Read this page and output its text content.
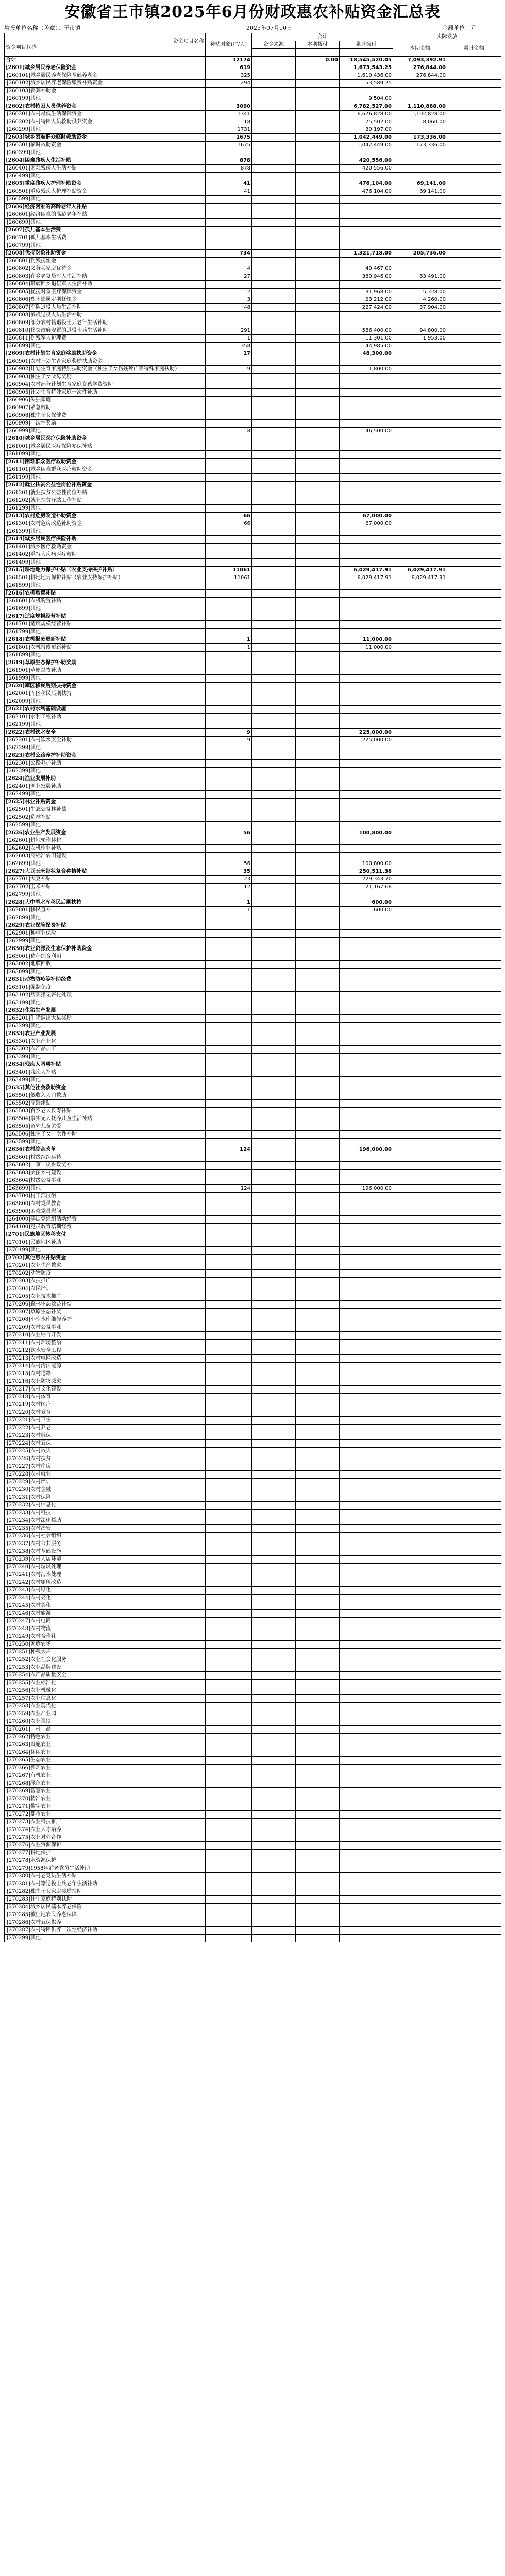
安徽省王市镇2025年6月份财政惠农补贴资金汇总表
填报单位名称（盖章）：王市镇	2025年07月10日	金额单位：元
资金项目名称
资金项目代码	补贴对象(户/人)	合计			实际发放	
		资金来源	本期拨付	累计拨付	本期金额	累计金额

合计	12174		0.00	18,545,520.05	7,093,392.91	
[2601]城乡居民养老保险资金	619			1,673,543.25	276,844.00	
[260101]城乡居民养老保险基础养老金	325			1,610,436.00	276,844.00	
[260102]城乡居民养老保险缴费补贴资金	294			53,589.25		
[260103]丧葬补助金						
[260199]其他				9,504.00		
[2602]农村特困人员供养资金	3090			6,782,527.00	1,110,888.00	
[260201]农村最低生活保障资金	1341			6,676,828.00	1,102,828.00	
[260202]农村特困人员救助供养资金	18			75,502.00	8,060.00	
[260299]其他	1731			30,197.00		
[2603]城乡困难群众临时救助资金	1675			1,042,449.00	173,336.00	
[260301]临时救助资金	1675			1,042,449.00	173,336.00	
[260399]其他						
[2604]困难残疾人生活补贴	878			420,556.00		
[260401]困难残疾人生活补贴	878			420,556.00		
[260499]其他						
[2605]重度残疾人护理补贴资金	41			476,104.00	69,141.00	
[260501]重度残疾人护理补贴资金	41			476,104.00	69,141.00	
[260599]其他						
[2606]经济困难的高龄老年人补贴						
[260601]经济困难的高龄老年补贴						
[260699]其他						
[2607]孤儿基本生活费						
[260701]孤儿基本生活费						
[260799]其他						
[2608]优抚对象补助资金	734			1,321,718.00	205,736.00	
[260801]伤残抚恤金						
[260802]义务兵家庭优待金	4			40,467.00		
[260803]在乡老复员军人生活补助	27			380,946.00	63,491.00	
[260804]带病回乡退伍军人生活补助						
[260805]优抚对象医疗保障资金	2			31,968.00	5,328.00	
[260806]烈士遗属定期抚恤金	3			23,212.00	4,260.00	
[260807]军队退役人员生活补助	48			227,424.00	37,904.00	
[260808]参战退役人员生活补助						
[260809]部分农村籍退役士兵老年生活补助						
[260810]移交政府安置的退役士兵生活补助	291			586,400.00	94,800.00	
[260811]伤残军人护理费	1			11,301.00	1,953.00	
[260899]其他	358			44,985.00		
[2609]农村计划生育家庭奖励扶助资金	17			48,300.00		
[260901]农村计划生育家庭奖励扶助资金						
[260902]计划生育家庭特别扶助资金（独生子女伤残死亡等特殊家庭扶助）	9			1,800.00		
[260903]独生子女父母奖励						
[260904]农村部分计划生育家庭女孩学费资助						
[260905]计划生育特殊家庭一次性补助						
[260906]失独家庭						
[260907]紧急救助						
[260908]独生子女保健费						
[260909]一次性奖励						
[260999]其他	8			46,500.00		
[2610]城乡居民医疗保险补助资金						
[261001]城乡居民医疗保险参保补贴						
[261099]其他						
[2611]困难群众医疗救助资金						
[261101]城乡困难群众医疗救助资金						
[261199]其他						
[2612]就业扶贫公益性岗位补贴资金						
[261201]就业扶贫公益性岗位补贴						
[261202]就业扶贫驿站工作补贴						
[261299]其他						
[2613]农村危房改造补助资金	66			67,000.00		
[261301]农村危房改造补助资金	66			67,000.00		
[261399]其他						
[2614]城乡居民医疗保险补助						
[261401]城乡医疗救助资金						
[261402]重特大疾病医疗救助						
[261499]其他						
[2615]耕地地力保护补贴（农业支持保护补贴）	11061			6,029,417.91	6,029,417.91	
[261501]耕地地力保护补贴（农业支持保护补贴）	11061			6,029,417.91	6,029,417.91	
[261599]其他						
[2616]农机购置补贴						
[261601]农机购置补贴						
[261699]其他						
[2617]适度规模经营补贴						
[261701]适度规模经营补贴						
[261799]其他						
[2618]农机报废更新补贴	1			11,000.00		
[261801]农机报废更新补贴	1			11,000.00		
[261899]其他						
[2619]草原生态保护补助奖励						
[261901]草原禁牧补助						
[261999]其他						
[2620]库区移民后期扶持资金						
[262001]库区移民后期扶持						
[262099]其他						
[2621]农村水利基础设施						
[262101]水利工程补助						
[262199]其他						
[2622]农村饮水安全	9			225,000.00		
[262201]农村饮水安全补助	9			225,000.00		
[262299]其他						
[2623]农村公路养护补助资金						
[262301]公路养护补助						
[262399]其他						
[2624]渔业发展补助						
[262401]渔业发展补助						
[262499]其他						
[2625]林业补贴资金						
[262501]生态公益林补偿						
[262502]造林补贴						
[262599]其他						
[2626]农业生产发展资金	56			100,800.00		
[262601]耕地轮作休耕						
[262602]农机作业补贴						
[262603]高标准农田建设						
[262699]其他	56			100,800.00		
[2627]大豆玉米带状复合种植补贴	35			250,511.38		
[262701]大豆补贴	23			229,343.70		
[262702]玉米补贴	12			21,167.68		
[262799]其他						
[2628]大中型水库移民后期扶持	1			600.00		
[262801]移民直补	1			600.00		
[262899]其他						
[2629]农业保险保费补贴						
[262901]种植业保险						
[262999]其他						
[2630]农业资源及生态保护补助资金						
[263001]秸秆综合利用						
[263002]地膜回收						
[263099]其他						
[2631]动物防疫等补助经费						
[263101]强制免疫						
[263102]病死猪无害化处理						
[263199]其他						
[2632]生猪生产发展						
[263201]生猪调出大县奖励						
[263299]其他						
[2633]农业产业发展						
[263301]农业产业化						
[263302]农产品加工						
[263399]其他						
[2634]残疾人两项补贴						
[263401]残疾人补贴						
[263499]其他						
[2635]其他社会救助资金						
[263501]低收入人口救助						
[263502]高龄津贴						
[263503]百岁老人长寿补贴						
[263504]事实无人抚养儿童生活补贴						
[263505]留守儿童关爱						
[263506]独生子女一次性补助						
[263599]其他						
[2636]农村综合改革	124			196,000.00		
[263601]村级组织运转						
[263602]一事一议财政奖补						
[263603]美丽乡村建设						
[263604]村级公益事业						
[263699]其他	124			196,000.00		
[263700]村干部报酬						
[263800]农村党员教育						
[263900]困难党员慰问						
[264000]基层党组织活动经费						
[264100]党员教育培训经费						
[2701]民族地区转移支付						
[270101]民族地区补助						
[270199]其他						
[2702]其他惠农补贴资金						
[270201]农业生产救灾						
[270202]动物防疫						
[270203]农技推广						
[270204]农民培训						
[270205]农业技术推广						
[270206]森林生态效益补偿						
[270207]草原生态补奖						
[270208]小型水库维修养护						
[270209]农村公益事业						
[270210]农业综合开发						
[270211]农村环境整治						
[270212]饮水安全工程						
[270213]农村电网改造						
[270214]农村清洁能源						
[270215]农村道路						
[270216]农业防灾减灾						
[270217]农村文化建设						
[270218]农村体育						
[270219]农村医疗						
[270220]农村教育						
[270221]农村卫生						
[270222]农村养老						
[270223]农村低保						
[270224]农村五保						
[270225]农村救灾						
[270226]农村扶贫						
[270227]农村住房						
[270228]农村就业						
[270229]农村培训						
[270230]农村金融						
[270231]农村保险						
[270232]农村信息化						
[270233]农村科技						
[270234]农村法律援助						
[270235]农村治安						
[270236]农村社会组织						
[270237]农村公共服务						
[270238]农村基础设施						
[270239]农村人居环境						
[270240]农村垃圾处理						
[270241]农村污水处理						
[270242]农村厕所改造						
[270243]农村绿化						
[270244]农村亮化						
[270245]农村美化						
[270246]农村旅游						
[270247]农村电商						
[270248]农村物流						
[270249]农村合作社						
[270250]家庭农场						
[270251]种粮大户						
[270252]农业社会化服务						
[270253]农业品牌建设						
[270254]农产品质量安全						
[270255]农业标准化						
[270256]农业机械化						
[270257]农业信息化						
[270258]农业现代化						
[270259]农业产业园						
[270260]农业强镇						
[270261]一村一品						
[270262]特色农业						
[270263]设施农业						
[270264]休闲农业						
[270265]生态农业						
[270266]循环农业						
[270267]有机农业						
[270268]绿色农业						
[270269]智慧农业						
[270270]精准农业						
[270271]数字农业						
[270272]都市农业						
[270273]农业科技推广						
[270274]农业人才培养						
[270275]农业对外合作						
[270276]农业资源保护						
[270277]耕地保护						
[270278]水资源保护						
[270279]1958年前老党员生活补助						
[270280]农村老党员生活补贴						
[270281]农村籍退役士兵老年生活补助						
[270282]独生子女家庭奖励扶助						
[270283]计生家庭特别扶助						
[270284]城乡居民基本养老保险						
[270285]被征地农民养老保障						
[270286]农村五保供养						
[270287]农村特困供养一次性经济补助						
[270299]其他						
